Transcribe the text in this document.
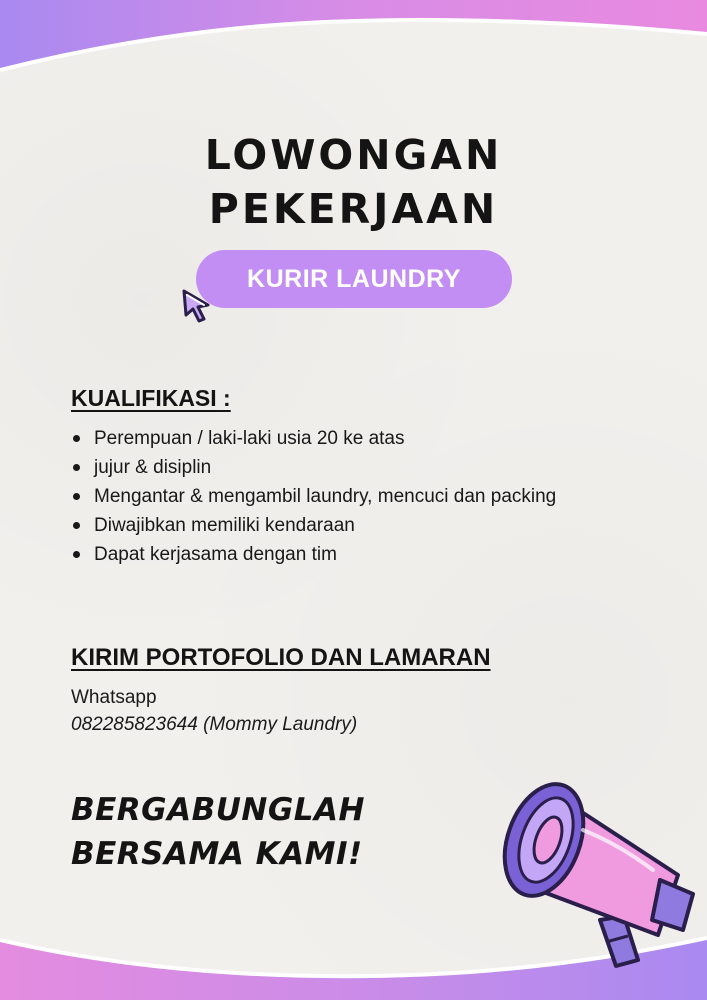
LOWONGAN
PEKERJAAN
KURIR LAUNDRY
KUALIFIKASI :
Perempuan / laki-laki usia 20 ke atas
jujur & disiplin
Mengantar & mengambil laundry, mencuci dan packing
Diwajibkan memiliki kendaraan
Dapat kerjasama dengan tim
KIRIM PORTOFOLIO DAN LAMARAN
Whatsapp
082285823644 (Mommy Laundry)
BERGABUNGLAH
BERSAMA KAMI!
